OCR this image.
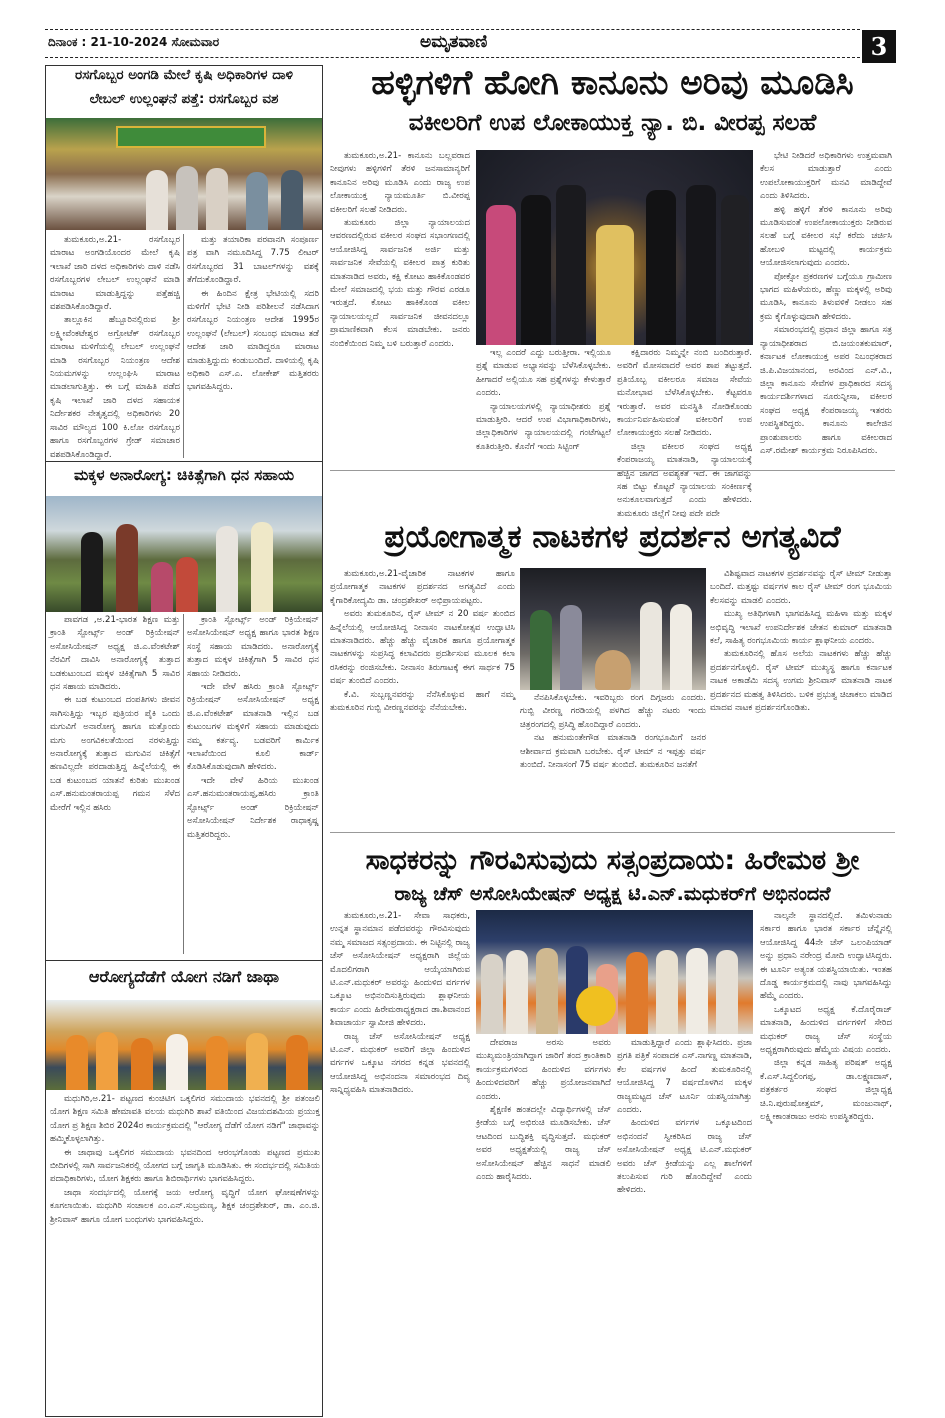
ದಿನಾಂಕ : 21-10-2024 ಸೋಮವಾರ	ಅಮೃತವಾಣಿ	3
ರಸಗೊಬ್ಬರ ಅಂಗಡಿ ಮೇಲೆ ಕೃಷಿ ಅಧಿಕಾರಿಗಳ ದಾಳಿ
ಲೇಬಲ್ ಉಲ್ಲಂಘನೆ ಪತ್ತೆ: ರಸಗೊಬ್ಬರ ವಶ

ತುಮಕೂರು,ಅ.21- ರಸಗೊಬ್ಬರ ಮಾರಾಟ ಅಂಗಡಿಯೊಂದರ ಮೇಲೆ ಕೃಷಿ ಇಲಾಖೆ ಜಾರಿ ದಳದ ಅಧಿಕಾರಿಗಳು ದಾಳಿ ನಡೆಸಿ ರಸಗೊಬ್ಬರಗಳ ಲೇಬಲ್ ಉಲ್ಲಂಘನೆ ಮಾಡಿ ಮಾರಾಟ ಮಾಡುತ್ತಿದ್ದನ್ನು ಪತ್ತೆಹಚ್ಚಿ ವಶಪಡಿಸಿಕೊಂಡಿದ್ದಾರೆ.

ತಾಲ್ಲೂಕಿನ ಹೆಬ್ಬೂರಿನಲ್ಲಿರುವ ಶ್ರೀ ಲಕ್ಷ್ಮೀವೆಂಕಟೇಶ್ವರ ಅಗ್ರೋಟೆಕ್ ರಸಗೊಬ್ಬರ ಮಾರಾಟ ಮಳಿಗೆಯಲ್ಲಿ ಲೇಬಲ್ ಉಲ್ಲಂಘನೆ ಮಾಡಿ ರಸಗೊಬ್ಬರ ನಿಯಂತ್ರಣ ಆದೇಶ ನಿಯಮಗಳನ್ನು ಉಲ್ಲಂಘಿಸಿ ಮಾರಾಟ ಮಾಡಲಾಗುತ್ತಿತ್ತು. ಈ ಬಗ್ಗೆ ಮಾಹಿತಿ ಪಡೆದ ಕೃಷಿ ಇಲಾಖೆ ಜಾರಿ ದಳದ ಸಹಾಯಕ ನಿರ್ದೇಶಕರ ನೇತೃತ್ವದಲ್ಲಿ ಅಧಿಕಾರಿಗಳು 20 ಸಾವಿರ ಮೌಲ್ಯದ 100 ಕಿ.ಲೋ ರಸಗೊಬ್ಬರ ಹಾಗೂ ರಸಗೊಬ್ಬರಗಳ ಗ್ರೇಡ್ ಸಮಾಚಾರ ವಶಪಡಿಸಿಕೊಂಡಿದ್ದಾರೆ.

ಮತ್ತು ತಯಾರಿಕಾ ಪರವಾನಗಿ ಸಂಪೂರ್ಣ ಪತ್ರ ವಾಗಿ ನಮೂದಿಸಿದ್ದ 7.75 ಲೀಟರ್ ರಸಗೊಬ್ಬರದ 31 ಬಾಟಲ್‌ಗಳನ್ನು ವಶಕ್ಕೆ ತೆಗೆದುಕೊಂಡಿದ್ದಾರೆ.

ಈ ಹಿಂದಿನ ಕ್ಷೇತ್ರ ಭೇಟಿಯಲ್ಲಿ ಸದರಿ ಮಳಿಗೆಗೆ ಭೇಟಿ ನೀಡಿ ಪರಿಶೀಲನೆ ನಡೆಸಿದಾಗ ರಸಗೊಬ್ಬರ ನಿಯಂತ್ರಣ ಆದೇಶ 1995ರ ಉಲ್ಲಂಘನೆ (ಲೇಬಲ್) ಸಂಬಂಧ ಮಾರಾಟ ತಡೆ ಆದೇಶ ಜಾರಿ ಮಾಡಿದ್ದರೂ ಮಾರಾಟ ಮಾಡುತ್ತಿದ್ದುದು ಕಂಡುಬಂದಿದೆ. ದಾಳಿಯಲ್ಲಿ ಕೃಷಿ ಅಧಿಕಾರಿ ಎಸ್.ಎ. ಲೋಕೇಶ್ ಮತ್ತಿತರರು ಭಾಗವಹಿಸಿದ್ದರು.

ಮಕ್ಕಳ ಅನಾರೋಗ್ಯ: ಚಿಕಿತ್ಸೆಗಾಗಿ ಧನ ಸಹಾಯ

ಪಾವಗಡ ,ಅ.21-ಭಾರತ ಶಿಕ್ಷಣ ಮತ್ತು ಕ್ರಾಂತಿ ಸ್ಪೋರ್ಟ್ಸ್ ಅಂಡ್ ರಿಕ್ರಿಯೇಷನ್ ಅಸೋಸಿಯೇಷನ್ ಅಧ್ಯಕ್ಷ ಜಿ.ಎ.ವೆಂಕಟೇಶ್ ನೆರವಿಗೆ ದಾವಿಸಿ ಅನಾರೋಗ್ಯಕ್ಕೆ ತುತ್ತಾದ ಬಡಕುಟುಂಬದ ಮಕ್ಕಳ ಚಿಕಿತ್ಸೆಗಾಗಿ 5 ಸಾವಿರ ಧನ ಸಹಾಯ ಮಾಡಿದರು.

ಈ ಬಡ ಕುಟುಂಬದ ದಂಪತಿಗಳು ಜೀವನ ಸಾಗಿಸುತ್ತಿದ್ದು ಇಬ್ಬರ ಪುತ್ರಿಯರ ಪೈಕಿ ಒಂದು ಮಗುವಿಗೆ ಅನಾರೋಗ್ಯ ಹಾಗೂ ಮತ್ತೊಂದು ಮಗು ಅಂಗವಿಕಲತೆಯಿಂದ ನರಳುತ್ತಿದ್ದು ಅನಾರೋಗ್ಯಕ್ಕೆ ತುತ್ತಾದ ಮಗುವಿನ ಚಿಕಿತ್ಸೆಗೆ ಹಣವಿಲ್ಲದೇ ಪರದಾಡುತ್ತಿದ್ದ ಹಿನ್ನೆಲೆಯಲ್ಲಿ ಈ ಬಡ ಕುಟುಂಬದ ಯಾತನೆ ಕುರಿತು ಮುಖಂಡ ಎಸ್.ಹನುಮಂತರಾಯಪ್ಪ ಗಮನ ಸೆಳೆದ ಮೇರೆಗೆ ಇಲ್ಲಿನ ಹಸಿರು

ಕ್ರಾಂತಿ ಸ್ಪೋರ್ಟ್ಸ್ ಅಂಡ್ ರಿಕ್ರಿಯೇಷನ್ ಅಸೋಸಿಯೇಷನ್ ಅಧ್ಯಕ್ಷ ಹಾಗೂ ಭಾರತ ಶಿಕ್ಷಣ ಸಂಸ್ಥೆ ಸಹಾಯ ಮಾಡಿದರು. ಅನಾರೋಗ್ಯಕ್ಕೆ ತುತ್ತಾದ ಮಕ್ಕಳ ಚಿಕಿತ್ಸೆಗಾಗಿ 5 ಸಾವಿರ ಧನ ಸಹಾಯ ನೀಡಿದರು.

ಇದೇ ವೇಳೆ ಹಸಿರು ಕ್ರಾಂತಿ ಸ್ಪೋರ್ಟ್ಸ್ ರಿಕ್ರಿಯೇಷನ್ ಅಸೋಸಿಯೇಷನ್ ಅಧ್ಯಕ್ಷ ಜಿ.ಎ.ವೆಂಕಟೇಶ್ ಮಾತನಾಡಿ ಇಲ್ಲಿನ ಬಡ ಕುಟುಂಬಗಳ ಮಕ್ಕಳಿಗೆ ಸಹಾಯ ಮಾಡುವುದು ನಮ್ಮ ಕರ್ತವ್ಯ. ಬಡವರಿಗೆ ಕಾರ್ಮಿಕ ಇಲಾಖೆಯಿಂದ ಕೂಲಿ ಕಾರ್ಡ್ ಕೊಡಿಸಿಕೊಡುವುದಾಗಿ ಹೇಳಿದರು.

ಇದೇ ವೇಳೆ ಹಿರಿಯ ಮುಖಂಡ ಎಸ್.ಹನುಮಂತರಾಯಪ್ಪ,ಹಸಿರು ಕ್ರಾಂತಿ ಸ್ಪೋರ್ಟ್ಸ್ ಅಂಡ್ ರಿಕ್ರಿಯೇಷನ್ ಅಸೋಸಿಯೇಷನ್ ನಿರ್ದೇಶಕ ರಾಧಾಕೃಷ್ಣ ಮತ್ತಿತರರಿದ್ದರು.

ಆರೋಗ್ಯದೆಡೆಗೆ ಯೋಗ ನಡಿಗೆ ಜಾಥಾ

ಮಧುಗಿರಿ,ಅ.21- ಪಟ್ಟಣದ ಕುಂಚಿಟಿಗ ಒಕ್ಕಲಿಗರ ಸಮುದಾಯ ಭವನದಲ್ಲಿ ಶ್ರೀ ಪತಂಜಲಿ ಯೋಗ ಶಿಕ್ಷಣ ಸಮಿತಿ ಹೇಮಾವತಿ ವಲಯ ಮಧುಗಿರಿ ಶಾಖೆ ವತಿಯಿಂದ ವಿಜಯದಶಮಿಯ ಪ್ರಯುಕ್ತ ಯೋಗ ಪ್ರ ಶಿಕ್ಷಣ ಶಿಬಿರ 2024ರ ಕಾರ್ಯಕ್ರಮದಲ್ಲಿ "ಆರೋಗ್ಯ ದೆಡೆಗೆ ಯೋಗ ನಡಿಗೆ" ಜಾಥಾವನ್ನು ಹಮ್ಮಿಕೊಳ್ಳಲಾಗಿತ್ತು.

ಈ ಜಾಥಾವು ಒಕ್ಕಲಿಗರ ಸಮುದಾಯ ಭವನದಿಂದ ಆರಂಭಗೊಂಡು ಪಟ್ಟಣದ ಪ್ರಮುಖ ಬೀದಿಗಳಲ್ಲಿ ಸಾಗಿ ಸಾರ್ವಜನಿಕರಲ್ಲಿ ಯೋಗದ ಬಗ್ಗೆ ಜಾಗೃತಿ ಮೂಡಿಸಿತು. ಈ ಸಂದರ್ಭದಲ್ಲಿ ಸಮಿತಿಯ ಪದಾಧಿಕಾರಿಗಳು, ಯೋಗ ಶಿಕ್ಷಕರು ಹಾಗೂ ಶಿಬಿರಾರ್ಥಿಗಳು ಭಾಗವಹಿಸಿದ್ದರು.

ಜಾಥಾ ಸಂದರ್ಭದಲ್ಲಿ ಯೋಗಕ್ಕೆ ಜಯ ಆರೋಗ್ಯ ವೃದ್ಧಿಗೆ ಯೋಗ ಘೋಷಣೆಗಳನ್ನು ಕೂಗಲಾಯಿತು. ಮಧುಗಿರಿ ಸಂಚಾಲಕ ಎಂ.ಎನ್.ಸುಬ್ರಮಣ್ಯ, ಶಿಕ್ಷಕ ಚಂದ್ರಶೇಖರ್, ಡಾ. ಎಂ.ಜಿ. ಶ್ರೀನಿವಾಸ್ ಹಾಗೂ ಯೋಗ ಬಂಧುಗಳು ಭಾಗವಹಿಸಿದ್ದರು.

ಹಳ್ಳಿಗಳಿಗೆ ಹೋಗಿ ಕಾನೂನು ಅರಿವು ಮೂಡಿಸಿ
ವಕೀಲರಿಗೆ ಉಪ ಲೋಕಾಯುಕ್ತ ನ್ಯಾ. ಬಿ. ವೀರಪ್ಪ ಸಲಹೆ

ತುಮಕೂರು,ಅ.21- ಕಾನೂನು ಬಲ್ಲವರಾದ ನೀವುಗಳು ಹಳ್ಳಿಗಳಿಗೆ ತೆರಳಿ ಜನಸಾಮಾನ್ಯರಿಗೆ ಕಾನೂನಿನ ಅರಿವು ಮೂಡಿಸಿ ಎಂದು ರಾಜ್ಯ ಉಪ ಲೋಕಾಯುಕ್ತ ನ್ಯಾಯಮೂರ್ತಿ ಬಿ.ವೀರಪ್ಪ ವಕೀಲರಿಗೆ ಸಲಹೆ ನೀಡಿದರು.

ತುಮಕೂರು ಜಿಲ್ಲಾ ನ್ಯಾಯಾಲಯದ ಆವರಣದಲ್ಲಿರುವ ವಕೀಲರ ಸಂಘದ ಸಭಾಂಗಣದಲ್ಲಿ ಆಯೋಜಿಸಿದ್ದ ಸಾರ್ವಜನಿಕ ಅರ್ಜಿ ಮತ್ತು ಸಾರ್ವಜನಿಕ ಸೇವೆಯಲ್ಲಿ ವಕೀಲರ ಪಾತ್ರ ಕುರಿತು ಮಾತನಾಡಿದ ಅವರು, ಕಕ್ಷಿ ಕೋಟು ಹಾಕಿಕೊಂಡವರ ಮೇಲೆ ಸಮಾಜದಲ್ಲಿ ಭಯ ಮತ್ತು ಗೌರವ ಎರಡೂ ಇರುತ್ತದೆ. ಕೋಟು ಹಾಕಿಕೊಂಡ ವಕೀಲ ನ್ಯಾಯಾಲಯಲ್ಲದೆ ಸಾರ್ವಜನಿಕ ಜೀವನದಲ್ಲೂ ಪ್ರಾಮಾಣಿಕವಾಗಿ ಕೆಲಸ ಮಾಡಬೇಕು. ಜನರು ನಂಬಿಕೆಯಿಂದ ನಿಮ್ಮ ಬಳಿ ಬರುತ್ತಾರೆ ಎಂದರು.

ಇಲ್ಲ ಎಂದರೆ ಎದ್ದು ಬರುತ್ತೀರಾ. ಇಲ್ಲಿಯೂ ಪ್ರಶ್ನೆ ಮಾಡುವ ಅಭ್ಯಾಸವನ್ನು ಬೆಳೆಸಿಕೊಳ್ಳಬೇಕು. ಹೀಗಾದರೆ ಅಲ್ಲಿಯೂ ಸಹ ಪ್ರಶ್ನೆಗಳನ್ನು ಕೇಳುತ್ತಾರೆ ಎಂದರು.

ನ್ಯಾಯಾಲಯಗಳಲ್ಲಿ ನ್ಯಾಯಾಧೀಶರು ಪ್ರಶ್ನೆ ಮಾಡುತ್ತೀರಿ. ಆದರೆ ಉಪ ವಿಭಾಗಾಧಿಕಾರಿಗಳು, ಜಿಲ್ಲಾಧಿಕಾರಿಗಳ ನ್ಯಾಯಾಲಯದಲ್ಲಿ ಗಂಟೆಗಟ್ಟಲೆ ಕೂತಿರುತ್ತೀರಿ. ಕೊನೆಗೆ ಇಂದು ಸಿಟ್ಟಿಂಗ್

ಕಕ್ಷಿದಾರರು ನಿಮ್ಮನ್ನೇ ನಂಬಿ ಬಂದಿರುತ್ತಾರೆ. ಅವರಿಗೆ ಮೋಸವಾದರೆ ಅವರ ಶಾಪ ತಟ್ಟುತ್ತದೆ. ಪ್ರತಿಯೊಬ್ಬ ವಕೀಲರೂ ಸಮಾಜ ಸೇವೆಯ ಮನೋಭಾವ ಬೆಳೆಸಿಕೊಳ್ಳಬೇಕು. ಕೆಟ್ಟವರೂ ಇರುತ್ತಾರೆ. ಅವರ ಮನಸ್ಥಿತಿ ನೋಡಿಕೊಂಡು ಕಾರ್ಯನಿರ್ವಹಿಸುವಂತೆ ವಕೀಲರಿಗೆ ಉಪ ಲೋಕಾಯುಕ್ತರು ಸಲಹೆ ನೀಡಿದರು.

ಜಿಲ್ಲಾ ವಕೀಲರ ಸಂಘದ ಅಧ್ಯಕ್ಷ ಕೆಂಪರಾಜಯ್ಯ ಮಾತನಾಡಿ, ನ್ಯಾಯಾಲಯಕ್ಕೆ ಹೆಚ್ಚಿನ ಜಾಗದ ಅವಶ್ಯಕತೆ ಇದೆ. ಈ ಜಾಗವನ್ನು ಸಹ ಬಿಟ್ಟು ಕೊಟ್ಟರೆ ನ್ಯಾಯಾಲಯ ಸಂಕೀರ್ಣಕ್ಕೆ ಅನುಕೂಲವಾಗುತ್ತದೆ ಎಂದು ಹೇಳಿದರು. ತುಮಕೂರು ಜಿಲ್ಲೆಗೆ ನೀವು ಪದೇ ಪದೇ

ಭೇಟಿ ನೀಡಿದರೆ ಅಧಿಕಾರಿಗಳು ಉತ್ತಮವಾಗಿ ಕೆಲಸ ಮಾಡುತ್ತಾರೆ ಎಂದು ಉಪಲೋಕಾಯುಕ್ತರಿಗೆ ಮನವಿ ಮಾಡಿದ್ದೇವೆ ಎಂದು ತಿಳಿಸಿದರು.

ಹಳ್ಳಿ ಹಳ್ಳಿಗೆ ತೆರಳಿ ಕಾನೂನು ಅರಿವು ಮೂಡಿಸುವಂತೆ ಉಪಲೋಕಾಯುಕ್ತರು ನೀಡಿರುವ ಸಲಹೆ ಬಗ್ಗೆ ವಕೀಲರ ಸಭೆ ಕರೆದು ಚರ್ಚಿಸಿ ಹೋಬಳಿ ಮಟ್ಟದಲ್ಲಿ ಕಾರ್ಯಕ್ರಮ ಆಯೋಜಿಸಲಾಗುವುದು ಎಂದರು.

ಪೋಕ್ಸೋ ಪ್ರಕರಣಗಳ ಬಗ್ಗೆಯೂ ಗ್ರಾಮೀಣ ಭಾಗದ ಮಹಿಳೆಯರು, ಹೆಣ್ಣು ಮಕ್ಕಳಲ್ಲಿ ಅರಿವು ಮೂಡಿಸಿ, ಕಾನೂನು ತಿಳುವಳಿಕೆ ನೀಡಲು ಸಹ ಕ್ರಮ ಕೈಗೊಳ್ಳುವುದಾಗಿ ಹೇಳಿದರು.

ಸಮಾರಂಭದಲ್ಲಿ ಪ್ರಧಾನ ಜಿಲ್ಲಾ ಹಾಗೂ ಸತ್ರ ನ್ಯಾಯಾಧೀಶರಾದ ಬಿ.ಜಯಂತಕುಮಾರ್, ಕರ್ನಾಟಕ ಲೋಕಾಯುಕ್ತ ಅಪರ ನಿಬಂಧಕರಾದ ಜಿ.ಪಿ.ವಿಜಯಾನಂದ, ಅರವಿಂದ ಎನ್.ವಿ., ಜಿಲ್ಲಾ ಕಾನೂನು ಸೇವೆಗಳ ಪ್ರಾಧಿಕಾರದ ಸದಸ್ಯ ಕಾರ್ಯದರ್ಶಿಗಳಾದ ನೂರುನ್ನೀಸಾ, ವಕೀಲರ ಸಂಘದ ಅಧ್ಯಕ್ಷ ಕೆಂಪರಾಜಯ್ಯ ಇತರರು ಉಪಸ್ಥಿತರಿದ್ದರು. ಕಾನೂನು ಕಾಲೇಜಿನ ಪ್ರಾಂಶುಪಾಲರು ಹಾಗೂ ವಕೀಲರಾದ ಎಸ್.ರಮೇಶ್ ಕಾರ್ಯಕ್ರಮ ನಿರೂಪಿಸಿದರು.

ಪ್ರಯೋಗಾತ್ಮಕ ನಾಟಕಗಳ ಪ್ರದರ್ಶನ ಅಗತ್ಯವಿದೆ

ತುಮಕೂರು,ಅ.21-ವೈಚಾರಿಕ ನಾಟಕಗಳ ಹಾಗೂ ಪ್ರಯೋಗಾತ್ಮಕ ನಾಟಕಗಳ ಪ್ರದರ್ಶನದ ಅಗತ್ಯವಿದೆ ಎಂದು ಕೈಗಾರಿಕೋದ್ಯಮಿ ಡಾ. ಚಂದ್ರಶೇಖರ್ ಅಭಿಪ್ರಾಯಪಟ್ಟರು.

ಅವರು ತುಮಕೂರಿನ, ರೈಸ್ ಟೀಮ್ ನ 20 ವರ್ಷ ತುಂಬಿದ ಹಿನ್ನೆಲೆಯಲ್ಲಿ ಆಯೋಜಿಸಿದ್ದ ನೀನಾಸಂ ನಾಟಕೋತ್ಸವ ಉದ್ಘಾಟಿಸಿ ಮಾತನಾಡಿದರು. ಹೆಚ್ಚು ಹೆಚ್ಚು ವೈಚಾರಿಕ ಹಾಗೂ ಪ್ರಯೋಗಾತ್ಮಕ ನಾಟಕಗಳನ್ನು ಸುಪ್ರಸಿದ್ಧ ಕಲಾವಿದರು ಪ್ರದರ್ಶಿಸುವ ಮೂಲಕ ಕಲಾ ರಸಿಕರನ್ನು ರಂಜಿಸಬೇಕು. ನೀನಾಸಂ ತಿರುಗಾಟಕ್ಕೆ ಈಗ ಸಾರ್ಥಕ 75 ವರ್ಷ ತುಂಬಿದೆ ಎಂದರು.

ಕೆ.ವಿ. ಸುಬ್ಬಣ್ಣನವರನ್ನು ನೆನೆಸಿಕೊಳ್ಳುವ ಹಾಗೆ ನಮ್ಮ ತುಮಕೂರಿನ ಗುಬ್ಬಿ ವೀರಣ್ಣನವರನ್ನು ನೆನೆಯಬೇಕು.

ನೆನಪಿಸಿಕೊಳ್ಳಬೇಕು. ಇವರಿಬ್ಬರು ರಂಗ ದಿಗ್ಗಜರು ಎಂದರು. ಗುಬ್ಬಿ ವೀರಣ್ಣ ಗರಡಿಯಲ್ಲಿ ಪಳಗಿದ ಹೆಚ್ಚು ನಟರು ಇಂದು ಚಿತ್ರರಂಗದಲ್ಲಿ ಪ್ರಸಿದ್ಧಿ ಹೊಂದಿದ್ದಾರೆ ಎಂದರು.

ನಟ ಹನುಮಂತೇಗೌಡ ಮಾತನಾಡಿ ರಂಗಭೂಮಿಗೆ ಜನರ ಆಶೀರ್ವಾದ ಕ್ರಮವಾಗಿ ಬರಬೇಕು. ರೈಸ್ ಟೀಮ್ ನ ಇಪ್ಪತ್ತು ವರ್ಷ ತುಂಬಿದೆ. ನೀನಾಸಂಗೆ 75 ವರ್ಷ ತುಂಬಿದೆ. ತುಮಕೂರಿನ ಜನತೆಗೆ

ವಿಶಿಷ್ಟವಾದ ನಾಟಕಗಳ ಪ್ರದರ್ಶನವನ್ನು ರೈಸ್ ಟೀಮ್ ನೀಡುತ್ತಾ ಬಂದಿದೆ. ಮತ್ತಷ್ಟು ವರ್ಷಗಳ ಕಾಲ ರೈಸ್ ಟೀಮ್ ರಂಗ ಭೂಮಿಯ ಕೆಲಸವನ್ನು ಮಾಡಲಿ ಎಂದರು.

ಮುಖ್ಯ ಅತಿಥಿಗಳಾಗಿ ಭಾಗವಹಿಸಿದ್ದ ಮಹಿಳಾ ಮತ್ತು ಮಕ್ಕಳ ಅಭಿವೃದ್ಧಿ ಇಲಾಖೆ ಉಪನಿರ್ದೇಶಕ ಚೇತನ ಕುಮಾರ್ ಮಾತನಾಡಿ ಕಲೆ, ಸಾಹಿತ್ಯ ರಂಗಭೂಮಿಯ ಕಾರ್ಯ ಶ್ಲಾಘನೀಯ ಎಂದರು.

ತುಮಕೂರಿನಲ್ಲಿ ಹೊಸ ಅಲೆಯ ನಾಟಕಗಳು ಹೆಚ್ಚು ಹೆಚ್ಚು ಪ್ರದರ್ಶನಗೊಳ್ಳಲಿ. ರೈಸ್ ಟೀಮ್ ಮುಖ್ಯಸ್ಥ ಹಾಗೂ ಕರ್ನಾಟಕ ನಾಟಕ ಅಕಾಡೆಮಿ ಸದಸ್ಯ ಉಗಮ ಶ್ರೀನಿವಾಸ್ ಮಾತನಾಡಿ ನಾಟಕ ಪ್ರದರ್ಶನದ ಮಹತ್ವ ತಿಳಿಸಿದರು. ಬಳಿಕ ಪ್ರಭುತ್ವ ಚಿಚಾಕಲು ಮಾಡಿದ ಮಾದವ ನಾಟಕ ಪ್ರದರ್ಶನಗೊಂಡಿತು.

ಸಾಧಕರನ್ನು ಗೌರವಿಸುವುದು ಸತ್ಸಂಪ್ರದಾಯ: ಹಿರೇಮಠ ಶ್ರೀ
ರಾಜ್ಯ ಚೆಸ್ ಅಸೋಸಿಯೇಷನ್ ಅಧ್ಯಕ್ಷ ಟಿ.ಎನ್.ಮಧುಕರ್‌ಗೆ ಅಭಿನಂದನೆ

ತುಮಕೂರು,ಅ.21- ಸೇವಾ ಸಾಧಕರು, ಉನ್ನತ ಸ್ಥಾನಮಾನ ಪಡೆದವರನ್ನು ಗೌರವಿಸುವುದು ನಮ್ಮ ಸಮಾಜದ ಸತ್ಸಂಪ್ರದಾಯ. ಈ ನಿಟ್ಟಿನಲ್ಲಿ ರಾಜ್ಯ ಚೆಸ್ ಅಸೋಸಿಯೇಷನ್ ಅಧ್ಯಕ್ಷರಾಗಿ ಜಿಲ್ಲೆಯ ಮೊದಲಿಗರಾಗಿ ಆಯ್ಕೆಯಾಗಿರುವ ಟಿ.ಎನ್.ಮಧುಕರ್ ಅವರನ್ನು ಹಿಂದುಳಿದ ವರ್ಗಗಳ ಒಕ್ಕೂಟ ಅಭಿನಂದಿಸುತ್ತಿರುವುದು ಶ್ಲಾಘನೀಯ ಕಾರ್ಯ ಎಂದು ಹಿರೇಮಠಾಧ್ಯಕ್ಷರಾದ ಡಾ.ಶಿವಾನಂದ ಶಿವಾಚಾರ್ಯ ಸ್ವಾಮೀಜಿ ಹೇಳಿದರು.

ರಾಜ್ಯ ಚೆಸ್ ಅಸೋಸಿಯೇಷನ್ ಅಧ್ಯಕ್ಷ ಟಿ.ಎನ್. ಮಧುಕರ್ ಅವರಿಗೆ ಜಿಲ್ಲಾ ಹಿಂದುಳಿದ ವರ್ಗಗಳ ಒಕ್ಕೂಟ ನಗರದ ಕನ್ನಡ ಭವನದಲ್ಲಿ ಆಯೋಜಿಸಿದ್ದ ಅಭಿನಂದನಾ ಸಮಾರಂಭದ ದಿವ್ಯ ಸಾನ್ನಿಧ್ಯವಹಿಸಿ ಮಾತನಾಡಿದರು.

ದೇವರಾಜ ಅರಸು ಅವರು ಮುಖ್ಯಮಂತ್ರಿಯಾಗಿದ್ದಾಗ ಜಾರಿಗೆ ತಂದ ಕ್ರಾಂತಿಕಾರಿ ಕಾರ್ಯಕ್ರಮಗಳಿಂದ ಹಿಂದುಳಿದ ವರ್ಗಗಳು ಹಿಂದುಳಿದವರಿಗೆ ಹೆಚ್ಚು ಪ್ರಯೋಜನವಾಗಿದೆ ಎಂದರು.

ಶೈಕ್ಷಣಿಕ ಹಂತದಲ್ಲೇ ವಿದ್ಯಾರ್ಥಿಗಳಲ್ಲಿ ಚೆಸ್ ಕ್ರೀಡೆಯ ಬಗ್ಗೆ ಅಭಿರುಚಿ ಮೂಡಿಸಬೇಕು. ಚೆಸ್ ಆಟದಿಂದ ಬುದ್ಧಿಶಕ್ತಿ ವೃದ್ಧಿಸುತ್ತದೆ. ಮಧುಕರ್ ಅವರ ಅಧ್ಯಕ್ಷತೆಯಲ್ಲಿ ರಾಜ್ಯ ಚೆಸ್ ಅಸೋಸಿಯೇಷನ್ ಹೆಚ್ಚಿನ ಸಾಧನೆ ಮಾಡಲಿ ಎಂದು ಹಾರೈಸಿದರು.

ಮಾಡುತ್ತಿದ್ದಾರೆ ಎಂದು ಶ್ಲಾಘಿಸಿದರು. ಪ್ರಜಾ ಪ್ರಗತಿ ಪತ್ರಿಕೆ ಸಂಪಾದಕ ಎಸ್.ನಾಗಣ್ಣ ಮಾತನಾಡಿ, ಕೆಲ ವರ್ಷಗಳ ಹಿಂದೆ ತುಮಕೂರಿನಲ್ಲಿ ಆಯೋಜಿಸಿದ್ದ 7 ವರ್ಷದೊಳಗಿನ ಮಕ್ಕಳ ರಾಜ್ಯಮಟ್ಟದ ಚೆಸ್ ಟೂರ್ನಿ ಯಶಸ್ವಿಯಾಗಿತ್ತು ಎಂದರು.

ಹಿಂದುಳಿದ ವರ್ಗಗಳ ಒಕ್ಕೂಟದಿಂದ ಅಭಿನಂದನೆ ಸ್ವೀಕರಿಸಿದ ರಾಜ್ಯ ಚೆಸ್ ಅಸೋಸಿಯೇಷನ್ ಅಧ್ಯಕ್ಷ ಟಿ.ಎನ್.ಮಧುಕರ್ ಅವರು ಚೆಸ್ ಕ್ರೀಡೆಯನ್ನು ಎಲ್ಲ ಶಾಲೆಗಳಿಗೆ ತಲುಪಿಸುವ ಗುರಿ ಹೊಂದಿದ್ದೇವೆ ಎಂದು ಹೇಳಿದರು.

ನಾಲ್ಕನೇ ಸ್ಥಾನದಲ್ಲಿದೆ. ತಮಿಳುನಾಡು ಸರ್ಕಾರ ಹಾಗೂ ಭಾರತ ಸರ್ಕಾರ ಚೆನ್ನೈನಲ್ಲಿ ಆಯೋಜಿಸಿದ್ದ 44ನೇ ಚೆಸ್ ಒಲಂಪಿಯಾಡ್ ಅನ್ನು ಪ್ರಧಾನಿ ನರೇಂದ್ರ ಮೋದಿ ಉದ್ಘಾಟಿಸಿದ್ದರು. ಈ ಟೂರ್ನಿ ಅತ್ಯಂತ ಯಶಸ್ವಿಯಾಯಿತು. ಇಂತಹ ದೊಡ್ಡ ಕಾರ್ಯಕ್ರಮದಲ್ಲಿ ನಾವು ಭಾಗವಹಿಸಿದ್ದು ಹೆಮ್ಮೆ ಎಂದರು.

ಒಕ್ಕೂಟದ ಅಧ್ಯಕ್ಷ ಕೆ.ದೊರೈರಾಜ್ ಮಾತನಾಡಿ, ಹಿಂದುಳಿದ ವರ್ಗಗಳಿಗೆ ಸೇರಿದ ಮಧುಕರ್ ರಾಜ್ಯ ಚೆಸ್ ಸಂಸ್ಥೆಯ ಅಧ್ಯಕ್ಷರಾಗಿರುವುದು ಹೆಮ್ಮೆಯ ವಿಷಯ ಎಂದರು.

ಜಿಲ್ಲಾ ಕನ್ನಡ ಸಾಹಿತ್ಯ ಪರಿಷತ್ ಅಧ್ಯಕ್ಷ ಕೆ.ಎಸ್.ಸಿದ್ದಲಿಂಗಪ್ಪ, ಡಾ.ಲಕ್ಷ್ಮಣದಾಸ್, ಪತ್ರಕರ್ತರ ಸಂಘದ ಜಿಲ್ಲಾಧ್ಯಕ್ಷ ಚಿ.ನಿ.ಪುರುಷೋತ್ತಮ್, ಮಂಜುನಾಥ್, ಲಕ್ಷ್ಮೀಕಾಂತರಾಜು ಅರಸು ಉಪಸ್ಥಿತರಿದ್ದರು.
